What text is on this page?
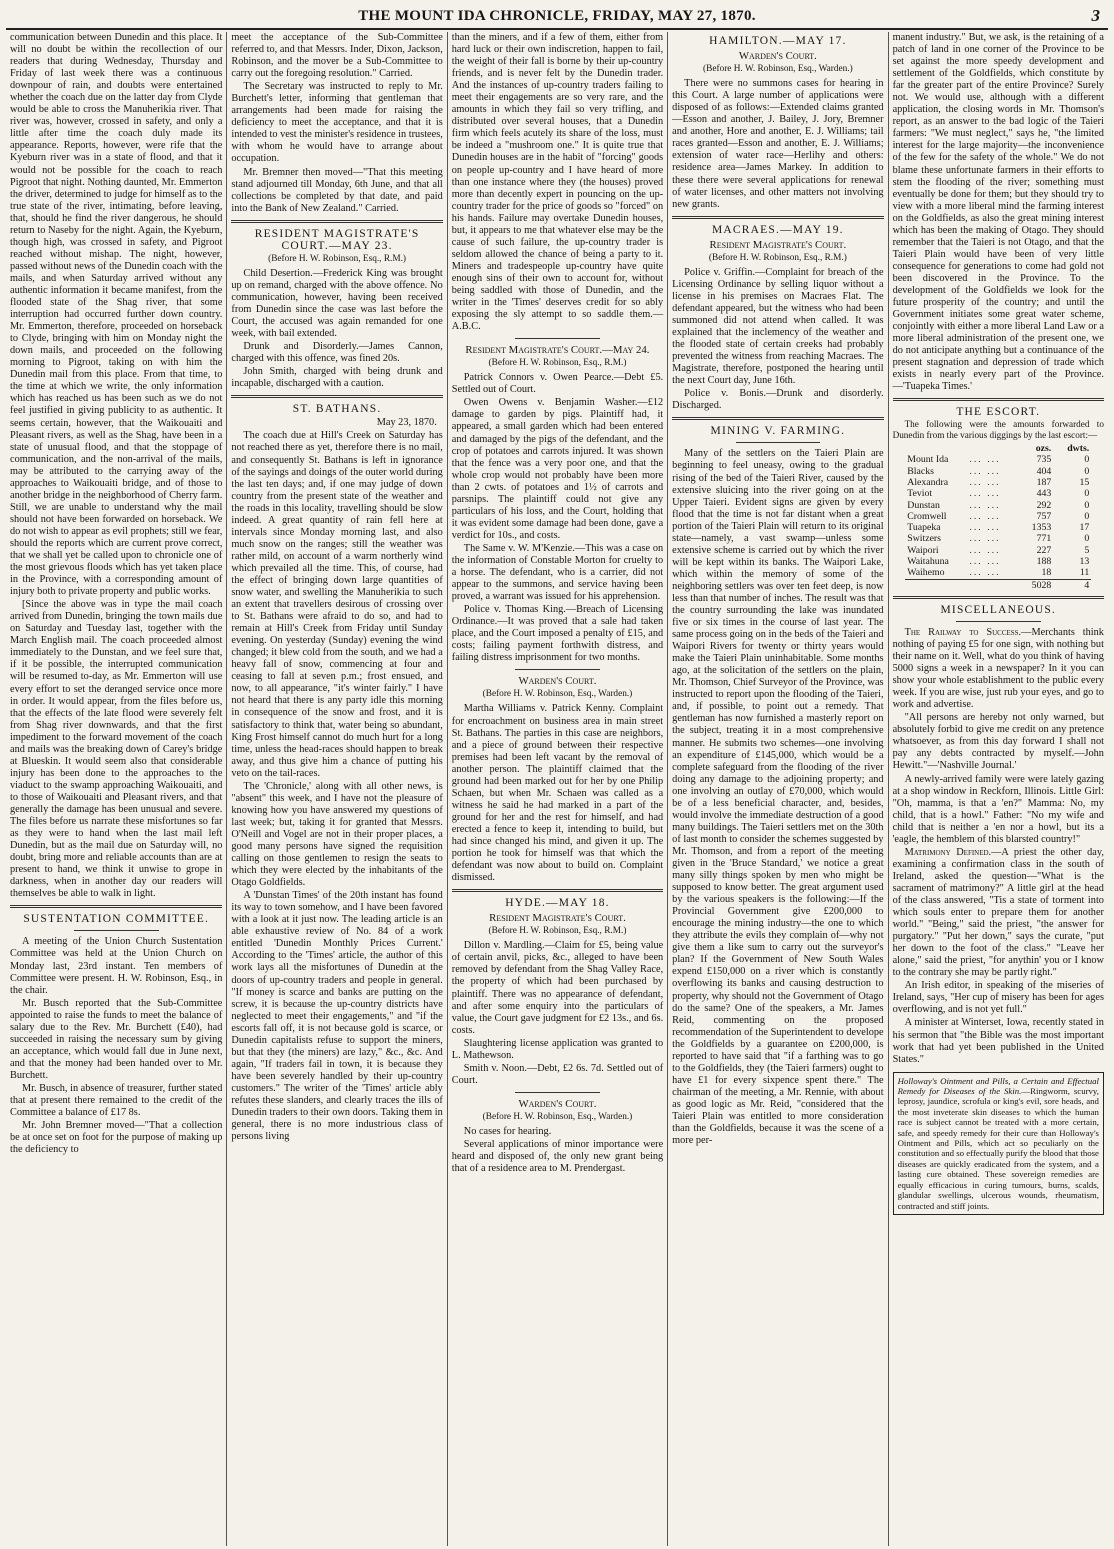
THE MOUNT IDA CHRONICLE, FRIDAY, MAY 27, 1870.	3

communication between Dunedin and this place. It will no doubt be within the recollection of our readers that during Wednesday, Thursday and Friday of last week there was a continuous downpour of rain, and doubts were entertained whether the coach due on the latter day from Clyde would be able to cross the Manuherikia river. That river was, however, crossed in safety, and only a little after time the coach duly made its appearance. Reports, however, were rife that the Kyeburn river was in a state of flood, and that it would not be possible for the coach to reach Pigroot that night. Nothing daunted, Mr. Emmerton the driver, determined to judge for himself as to the true state of the river, intimating, before leaving, that, should he find the river dangerous, he should return to Naseby for the night. Again, the Kyeburn, though high, was crossed in safety, and Pigroot reached without mishap. The night, however, passed without news of the Dunedin coach with the mails, and when Saturday arrived without any authentic information it became manifest, from the flooded state of the Shag river, that some interruption had occurred further down country. Mr. Emmerton, therefore, proceeded on horseback to Clyde, bringing with him on Monday night the down mails, and proceeded on the following morning to Pigroot, taking on with him the Dunedin mail from this place. From that time, to the time at which we write, the only information which has reached us has been such as we do not feel justified in giving publicity to as authentic. It seems certain, however, that the Waikouaiti and Pleasant rivers, as well as the Shag, have been in a state of unusual flood, and that the stoppage of communication, and the non-arrival of the mails, may be attributed to the carrying away of the approaches to Waikouaiti bridge, and of those to another bridge in the neighborhood of Cherry farm. Still, we are unable to understand why the mail should not have been forwarded on horseback. We do not wish to appear as evil prophets; still we fear, should the reports which are current prove correct, that we shall yet be called upon to chronicle one of the most grievous floods which has yet taken place in the Province, with a corresponding amount of injury both to private property and public works.

[Since the above was in type the mail coach arrived from Dunedin, bringing the town mails due on Saturday and Tuesday last, together with the March English mail. The coach proceeded almost immediately to the Dunstan, and we feel sure that, if it be possible, the interrupted communication will be resumed to-day, as Mr. Emmerton will use every effort to set the deranged service once more in order. It would appear, from the files before us, that the effects of the late flood were severely felt from Shag river downwards, and that the first impediment to the forward movement of the coach and mails was the breaking down of Carey's bridge at Blueskin. It would seem also that considerable injury has been done to the approaches to the viaduct to the swamp approaching Waikouaiti, and to those of Waikouaiti and Pleasant rivers, and that generally the damage has been unusual and severe. The files before us narrate these misfortunes so far as they were to hand when the last mail left Dunedin, but as the mail due on Saturday will, no doubt, bring more and reliable accounts than are at present to hand, we think it unwise to grope in darkness, when in another day our readers will themselves be able to walk in light.

SUSTENTATION COMMITTEE.

A meeting of the Union Church Sustentation Committee was held at the Union Church on Monday last, 23rd instant. Ten members of Committee were present. H. W. Robinson, Esq., in the chair.

Mr. Busch reported that the Sub-Committee appointed to raise the funds to meet the balance of salary due to the Rev. Mr. Burchett (£40), had succeeded in raising the necessary sum by giving an acceptance, which would fall due in June next, and that the money had been handed over to Mr. Burchett.

Mr. Busch, in absence of treasurer, further stated that at present there remained to the credit of the Committee a balance of £17 8s.

Mr. John Bremner moved—"That a collection be at once set on foot for the purpose of making up the deficiency to

meet the acceptance of the Sub-Committee referred to, and that Messrs. Inder, Dixon, Jackson, Robinson, and the mover be a Sub-Committee to carry out the foregoing resolution." Carried.

The Secretary was instructed to reply to Mr. Burchett's letter, informing that gentleman that arrangements had been made for raising the deficiency to meet the acceptance, and that it is intended to vest the minister's residence in trustees, with whom he would have to arrange about occupation.

Mr. Bremner then moved—"That this meeting stand adjourned till Monday, 6th June, and that all collections be completed by that date, and paid into the Bank of New Zealand." Carried.

RESIDENT MAGISTRATE'S COURT.—MAY 23.
(Before H. W. Robinson, Esq., R.M.)

Child Desertion.—Frederick King was brought up on remand, charged with the above offence. No communication, however, having been received from Dunedin since the case was last before the Court, the accused was again remanded for one week, with bail extended.

Drunk and Disorderly.—James Cannon, charged with this offence, was fined 20s.

John Smith, charged with being drunk and incapable, discharged with a caution.

ST. BATHANS.
May 23, 1870.

The coach due at Hill's Creek on Saturday has not reached there as yet, therefore there is no mail, and consequently St. Bathans is left in ignorance of the sayings and doings of the outer world during the last ten days; and, if one may judge of down country from the present state of the weather and the roads in this locality, travelling should be slow indeed. A great quantity of rain fell here at intervals since Monday morning last, and also much snow on the ranges; still the weather was rather mild, on account of a warm northerly wind which prevailed all the time. This, of course, had the effect of bringing down large quantities of snow water, and swelling the Manuherikia to such an extent that travellers desirous of crossing over to St. Bathans were afraid to do so, and had to remain at Hill's Creek from Friday until Sunday evening. On yesterday (Sunday) evening the wind changed; it blew cold from the south, and we had a heavy fall of snow, commencing at four and ceasing to fall at seven p.m.; frost ensued, and now, to all appearance, "it's winter fairly." I have not heard that there is any party idle this morning in consequence of the snow and frost, and it is satisfactory to think that, water being so abundant, King Frost himself cannot do much hurt for a long time, unless the head-races should happen to break away, and thus give him a chance of putting his veto on the tail-races.

The 'Chronicle,' along with all other news, is "absent" this week, and I have not the pleasure of knowing how you have answered my questions of last week; but, taking it for granted that Messrs. O'Neill and Vogel are not in their proper places, a good many persons have signed the requisition calling on those gentlemen to resign the seats to which they were elected by the inhabitants of the Otago Goldfields.

A 'Dunstan Times' of the 20th instant has found its way to town somehow, and I have been favored with a look at it just now. The leading article is an able exhaustive review of No. 84 of a work entitled 'Dunedin Monthly Prices Current.' According to the 'Times' article, the author of this work lays all the misfortunes of Dunedin at the doors of up-country traders and people in general. "If money is scarce and banks are putting on the screw, it is because the up-country districts have neglected to meet their engagements," and "if the escorts fall off, it is not because gold is scarce, or Dunedin capitalists refuse to support the miners, but that they (the miners) are lazy," &c., &c. And again, "If traders fail in town, it is because they have been severely handled by their up-country customers." The writer of the 'Times' article ably refutes these slanders, and clearly traces the ills of Dunedin traders to their own doors. Taking them in general, there is no more industrious class of persons living

than the miners, and if a few of them, either from hard luck or their own indiscretion, happen to fail, the weight of their fall is borne by their up-country friends, and is never felt by the Dunedin trader. And the instances of up-country traders failing to meet their engagements are so very rare, and the amounts in which they fail so very trifling, and distributed over several houses, that a Dunedin firm which feels acutely its share of the loss, must be indeed a "mushroom one." It is quite true that Dunedin houses are in the habit of "forcing" goods on people up-country and I have heard of more than one instance where they (the houses) proved more than decently expert in pouncing on the up-country trader for the price of goods so "forced" on his hands. Failure may overtake Dunedin houses, but, it appears to me that whatever else may be the cause of such failure, the up-country trader is seldom allowed the chance of being a party to it. Miners and tradespeople up-country have quite enough sins of their own to account for, without being saddled with those of Dunedin, and the writer in the 'Times' deserves credit for so ably exposing the sly attempt to so saddle them.—A.B.C.

Resident Magistrate's Court.—May 24.
(Before H. W. Robinson, Esq., R.M.)

Patrick Connors v. Owen Pearce.—Debt £5. Settled out of Court.

Owen Owens v. Benjamin Washer.—£12 damage to garden by pigs. Plaintiff had, it appeared, a small garden which had been entered and damaged by the pigs of the defendant, and the crop of potatoes and carrots injured. It was shown that the fence was a very poor one, and that the whole crop would not probably have been more than 2 cwts. of potatoes and 1½ of carrots and parsnips. The plaintiff could not give any particulars of his loss, and the Court, holding that it was evident some damage had been done, gave a verdict for 10s., and costs.

The Same v. W. M'Kenzie.—This was a case on the information of Constable Morton for cruelty to a horse. The defendant, who is a carrier, did not appear to the summons, and service having been proved, a warrant was issued for his apprehension.

Police v. Thomas King.—Breach of Licensing Ordinance.—It was proved that a sale had taken place, and the Court imposed a penalty of £15, and costs; failing payment forthwith distress, and failing distress imprisonment for two months.

Warden's Court.
(Before H. W. Robinson, Esq., Warden.)

Martha Williams v. Patrick Kenny. Complaint for encroachment on business area in main street St. Bathans. The parties in this case are neighbors, and a piece of ground between their respective premises had been left vacant by the removal of another person. The plaintiff claimed that the ground had been marked out for her by one Philip Schaen, but when Mr. Schaen was called as a witness he said he had marked in a part of the ground for her and the rest for himself, and had erected a fence to keep it, intending to build, but had since changed his mind, and given it up. The portion he took for himself was that which the defendant was now about to build on. Complaint dismissed.

HYDE.—MAY 18.
Resident Magistrate's Court.
(Before H. W. Robinson, Esq., R.M.)

Dillon v. Mardling.—Claim for £5, being value of certain anvil, picks, &c., alleged to have been removed by defendant from the Shag Valley Race, the property of which had been purchased by plaintiff. There was no appearance of defendant, and after some enquiry into the particulars of value, the Court gave judgment for £2 13s., and 6s. costs.

Slaughtering license application was granted to L. Mathewson.

Smith v. Noon.—Debt, £2 6s. 7d. Settled out of Court.

Warden's Court.
(Before H. W. Robinson, Esq., Warden.)

No cases for hearing.

Several applications of minor importance were heard and disposed of, the only new grant being that of a residence area to M. Prendergast.

HAMILTON.—MAY 17.
Warden's Court.
(Before H. W. Robinson, Esq., Warden.)

There were no summons cases for hearing in this Court. A large number of applications were disposed of as follows:—Extended claims granted—Esson and another, J. Bailey, J. Jory, Bremner and another, Hore and another, E. J. Williams; tail races granted—Esson and another, E. J. Williams; extension of water race—Herlihy and others: residence area—James Markey. In addition to these there were several applications for renewal of water licenses, and other matters not involving new grants.

MACRAES.—MAY 19.
Resident Magistrate's Court.
(Before H. W. Robinson, Esq., R.M.)

Police v. Griffin.—Complaint for breach of the Licensing Ordinance by selling liquor without a license in his premises on Macraes Flat. The defendant appeared, but the witness who had been summoned did not attend when called. It was explained that the inclemency of the weather and the flooded state of certain creeks had probably prevented the witness from reaching Macraes. The Magistrate, therefore, postponed the hearing until the next Court day, June 16th.

Police v. Bonis.—Drunk and disorderly. Discharged.

MINING V. FARMING.

Many of the settlers on the Taieri Plain are beginning to feel uneasy, owing to the gradual rising of the bed of the Taieri River, caused by the extensive sluicing into the river going on at the Upper Taieri. Evident signs are given by every flood that the time is not far distant when a great portion of the Taieri Plain will return to its original state—namely, a vast swamp—unless some extensive scheme is carried out by which the river will be kept within its banks. The Waipori Lake, which within the memory of some of the neighboring settlers was over ten feet deep, is now less than that number of inches. The result was that the country surrounding the lake was inundated five or six times in the course of last year. The same process going on in the beds of the Taieri and Waipori Rivers for twenty or thirty years would make the Taieri Plain uninhabitable. Some months ago, at the solicitation of the settlers on the plain, Mr. Thomson, Chief Surveyor of the Province, was instructed to report upon the flooding of the Taieri, and, if possible, to point out a remedy. That gentleman has now furnished a masterly report on the subject, treating it in a most comprehensive manner. He submits two schemes—one involving an expenditure of £145,000, which would be a complete safeguard from the flooding of the river doing any damage to the adjoining property; and one involving an outlay of £70,000, which would be of a less beneficial character, and, besides, would involve the immediate destruction of a good many buildings. The Taieri settlers met on the 30th of last month to consider the schemes suggested by Mr. Thomson, and from a report of the meeting given in the 'Bruce Standard,' we notice a great many silly things spoken by men who might be supposed to know better. The great argument used by the various speakers is the following:—If the Provincial Government give £200,000 to encourage the mining industry—the one to which they attribute the evils they complain of—why not give them a like sum to carry out the surveyor's plan? If the Government of New South Wales expend £150,000 on a river which is constantly overflowing its banks and causing destruction to property, why should not the Government of Otago do the same? One of the speakers, a Mr. James Reid, commenting on the proposed recommendation of the Superintendent to develope the Goldfields by a guarantee on £200,000, is reported to have said that "if a farthing was to go to the Goldfields, they (the Taieri farmers) ought to have £1 for every sixpence spent there." The chairman of the meeting, a Mr. Rennie, with about as good logic as Mr. Reid, "considered that the Taieri Plain was entitled to more consideration than the Goldfields, because it was the scene of a more per-

manent industry." But, we ask, is the retaining of a patch of land in one corner of the Province to be set against the more speedy development and settlement of the Goldfields, which constitute by far the greater part of the entire Province? Surely not. We would use, although with a different application, the closing words in Mr. Thomson's report, as an answer to the bad logic of the Taieri farmers: "We must neglect," says he, "the limited interest for the large majority—the inconvenience of the few for the safety of the whole." We do not blame these unfortunate farmers in their efforts to stem the flooding of the river; something must eventually be done for them; but they should try to view with a more liberal mind the farming interest on the Goldfields, as also the great mining interest which has been the making of Otago. They should remember that the Taieri is not Otago, and that the Taieri Plain would have been of very little consequence for generations to come had gold not been discovered in the Province. To the development of the Goldfields we look for the future prosperity of the country; and until the Government initiates some great water scheme, conjointly with either a more liberal Land Law or a more liberal administration of the present one, we do not anticipate anything but a continuance of the present stagnation and depression of trade which exists in nearly every part of the Province.—'Tuapeka Times.'

THE ESCORT.

The following were the amounts forwarded to Dunedin from the various diggings by the last escort:—

		ozs.	dwts.
Mount Ida	... ...	735	0
Blacks	... ...	404	0
Alexandra	... ...	187	15
Teviot	... ...	443	0
Dunstan	... ...	292	0
Cromwell	... ...	757	0
Tuapeka	... ...	1353	17
Switzers	... ...	771	0
Waipori	... ...	227	5
Waitahuna	... ...	188	13
Waihemo	... ...	18	11
		5028	4
MISCELLANEOUS.

The Railway to Success.—Merchants think nothing of paying £5 for one sign, with nothing but their name on it. Well, what do you think of having 5000 signs a week in a newspaper? In it you can show your whole establishment to the public every week. If you are wise, just rub your eyes, and go to work and advertise.

"All persons are hereby not only warned, but absolutely forbid to give me credit on any pretence whatsoever, as from this day forward I shall not pay any debts contracted by myself.—John Hewitt."—'Nashville Journal.'

A newly-arrived family were were lately gazing at a shop window in Reckforn, Illinois. Little Girl: "Oh, mamma, is that a 'en?" Mamma: No, my child, that is a howl." Father: "No my wife and child that is neither a 'en nor a howl, but its a 'eagle, the hemblem of this blarsted country!"

Matrimony Defined.—A priest the other day, examining a confirmation class in the south of Ireland, asked the question—"What is the sacrament of matrimony?" A little girl at the head of the class answered, "Tis a state of torment into which souls enter to prepare them for another world." "Being," said the priest, "the answer for purgatory." "Put her down," says the curate, "put her down to the foot of the class." "Leave her alone," said the priest, "for anythin' you or I know to the contrary she may be partly right."

An Irish editor, in speaking of the miseries of Ireland, says, "Her cup of misery has been for ages overflowing, and is not yet full."

A minister at Winterset, Iowa, recently stated in his sermon that "the Bible was the most important work that had yet been published in the United States."

Holloway's Ointment and Pills, a Certain and Effectual Remedy for Diseases of the Skin.—Ringworm, scurvy, leprosy, jaundice, scrofula or king's evil, sore heads, and the most inveterate skin diseases to which the human race is subject cannot be treated with a more certain, safe, and speedy remedy for their cure than Holloway's Ointment and Pills, which act so peculiarly on the constitution and so effectually purify the blood that those diseases are quickly eradicated from the system, and a lasting cure obtained. These sovereign remedies are equally efficacious in curing tumours, burns, scalds, glandular swellings, ulcerous wounds, rheumatism, contracted and stiff joints.
